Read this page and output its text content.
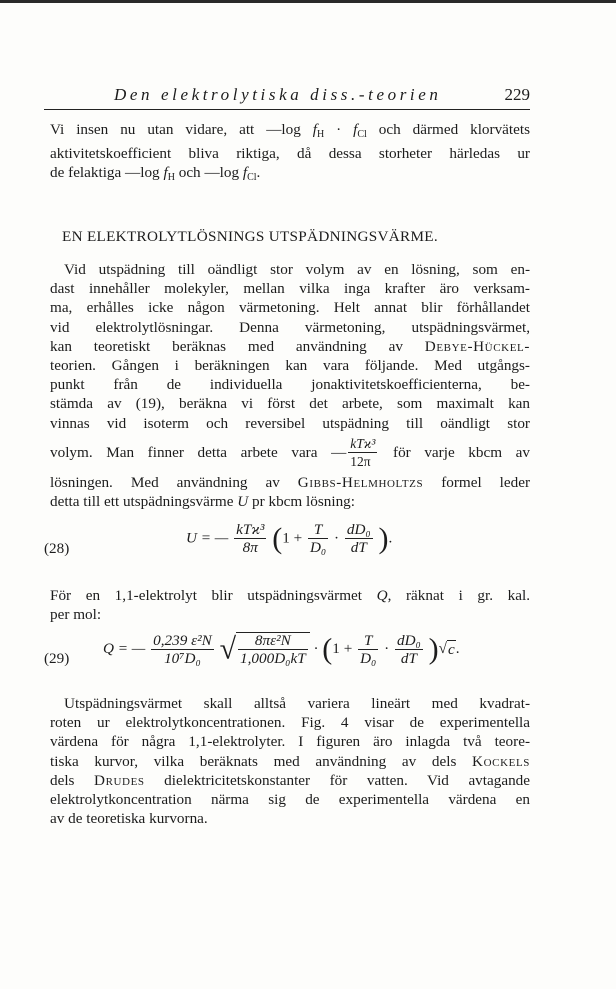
Den elektrolytiska diss.-teorien	229
Vi insen nu utan vidare, att —log $f_H \cdot f_{Cl}$ och därmed klorvätets
aktivitetskoefficient bliva riktiga, då dessa storheter härledas ur
de felaktiga —log $f_H$ och —log $f_{Cl}$.
EN ELEKTROLYTLÖSNINGS UTSPÄDNINGSVÄRME.
Vid utspädning till oändligt stor volym av en lösning, som en-
dast innehåller molekyler, mellan vilka inga krafter äro verksam-
ma, erhålles icke någon värmetoning. Helt annat blir förhållandet
vid elektrolytlösningar. Denna värmetoning, utspädningsvärmet,
kan teoretiskt beräknas med användning av Debye-Hückel-
teorien. Gången i beräkningen kan vara följande. Med utgångs-
punkt från de individuella jonaktivitetskoefficienterna, be-
stämda av (19), beräkna vi först det arbete, som maximalt kan
vinnas vid isoterm och reversibel utspädning till oändligt stor
volym. Man finner detta arbete vara — $\frac{\text{kTϰ³}}{12\pi}$ för varje kbcm av
lösningen. Med användning av Gibbs-Helmholtzs formel leder
detta till ett utspädningsvärme U pr kbcm lösning:
(28)
U = — $\frac{\text{kTϰ³}}{8\pi} (1 + \frac{T}{\text{D₀}} \cdot \frac{\text{dD₀}}{dT}$ ).
För en 1,1-elektrolyt blir utspädningsvärmet Q, räknat i gr. kal.
per mol:
(29)
Q = — $\frac{\text{0,239 ε²N}}{\text{10⁷D₀}}$ √ $\frac{\text{8πε²N}}{\text{1,000D₀kT}} \cdot (1 + \frac{T}{\text{D₀}} \cdot \frac{\text{dD₀}}{dT} )√c$.
Utspädningsvärmet skall alltså variera lineärt med kvadrat-
roten ur elektrolytkoncentrationen. Fig. 4 visar de experimentella
värdena för några 1,1-elektrolyter. I figuren äro inlagda två teore-
tiska kurvor, vilka beräknats med användning av dels Kockels
dels Drudes dielektricitetskonstanter för vatten. Vid avtagande
elektrolytkoncentration närma sig de experimentella värdena en
av de teoretiska kurvorna.
